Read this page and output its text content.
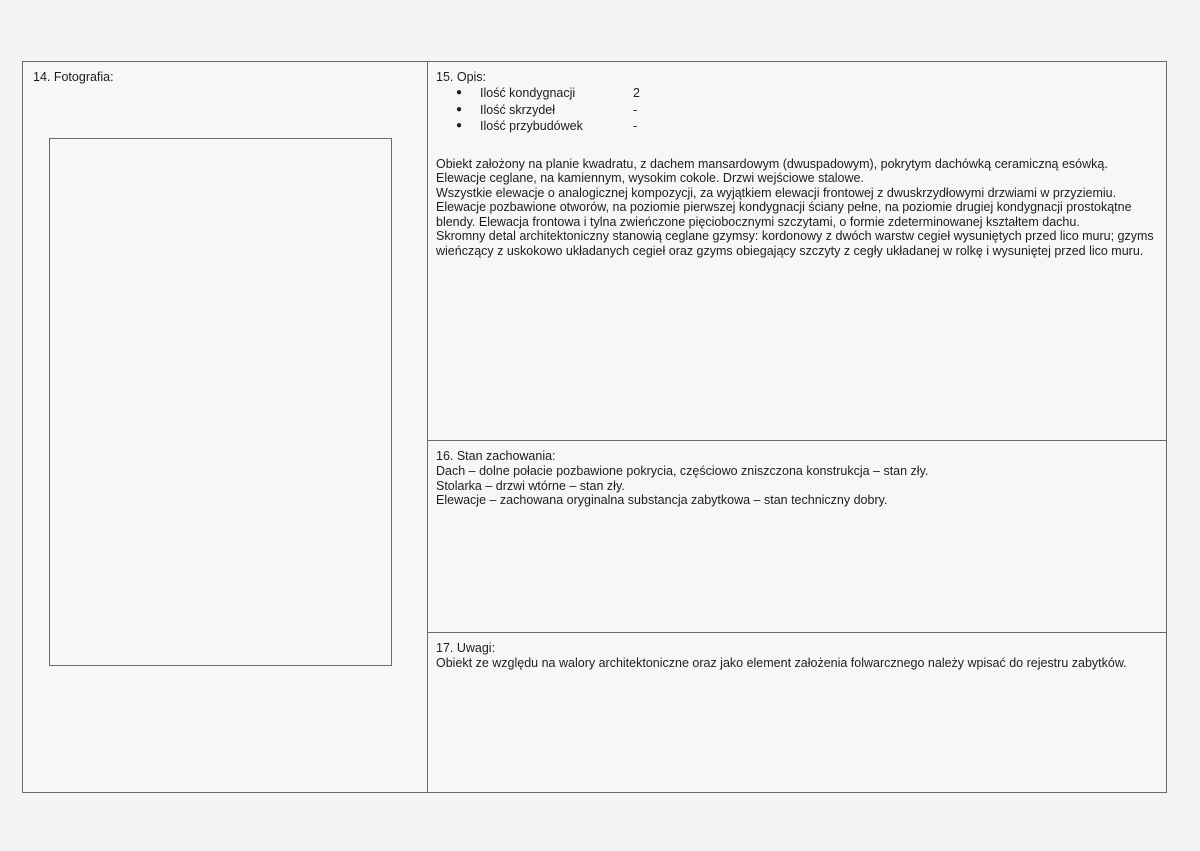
14. Fotografia:	15. Opis:
●	Ilość kondygnacji	2
●	Ilość skrzydeł	-
●	Ilość przybudówek	-

Obiekt założony na planie kwadratu, z dachem mansardowym (dwuspadowym), pokrytym dachówką ceramiczną esówką.

Elewacje ceglane, na kamiennym, wysokim cokole. Drzwi wejściowe stalowe.

Wszystkie elewacje o analogicznej kompozycji, za wyjątkiem elewacji frontowej z dwuskrzydłowymi drzwiami w przyziemiu. Elewacje pozbawione otworów, na poziomie pierwszej kondygnacji ściany pełne, na poziomie drugiej kondygnacji prostokątne blendy. Elewacja frontowa i tylna zwieńczone pięciobocznymi szczytami, o formie zdeterminowanej kształtem dachu.

Skromny detal architektoniczny stanowią ceglane gzymsy: kordonowy z dwóch warstw cegieł wysuniętych przed lico muru; gzyms wieńczący z uskokowo układanych cegieł oraz gzyms obiegający szczyty z cegły układanej w rolkę i wysuniętej przed lico muru.

16. Stan zachowania:

Dach – dolne połacie pozbawione pokrycia, częściowo zniszczona konstrukcja – stan zły.

Stolarka – drzwi wtórne – stan zły.

Elewacje – zachowana oryginalna substancja zabytkowa – stan techniczny dobry.

17. Uwagi:

Obiekt ze względu na walory architektoniczne oraz jako element założenia folwarcznego należy wpisać do rejestru zabytków.
